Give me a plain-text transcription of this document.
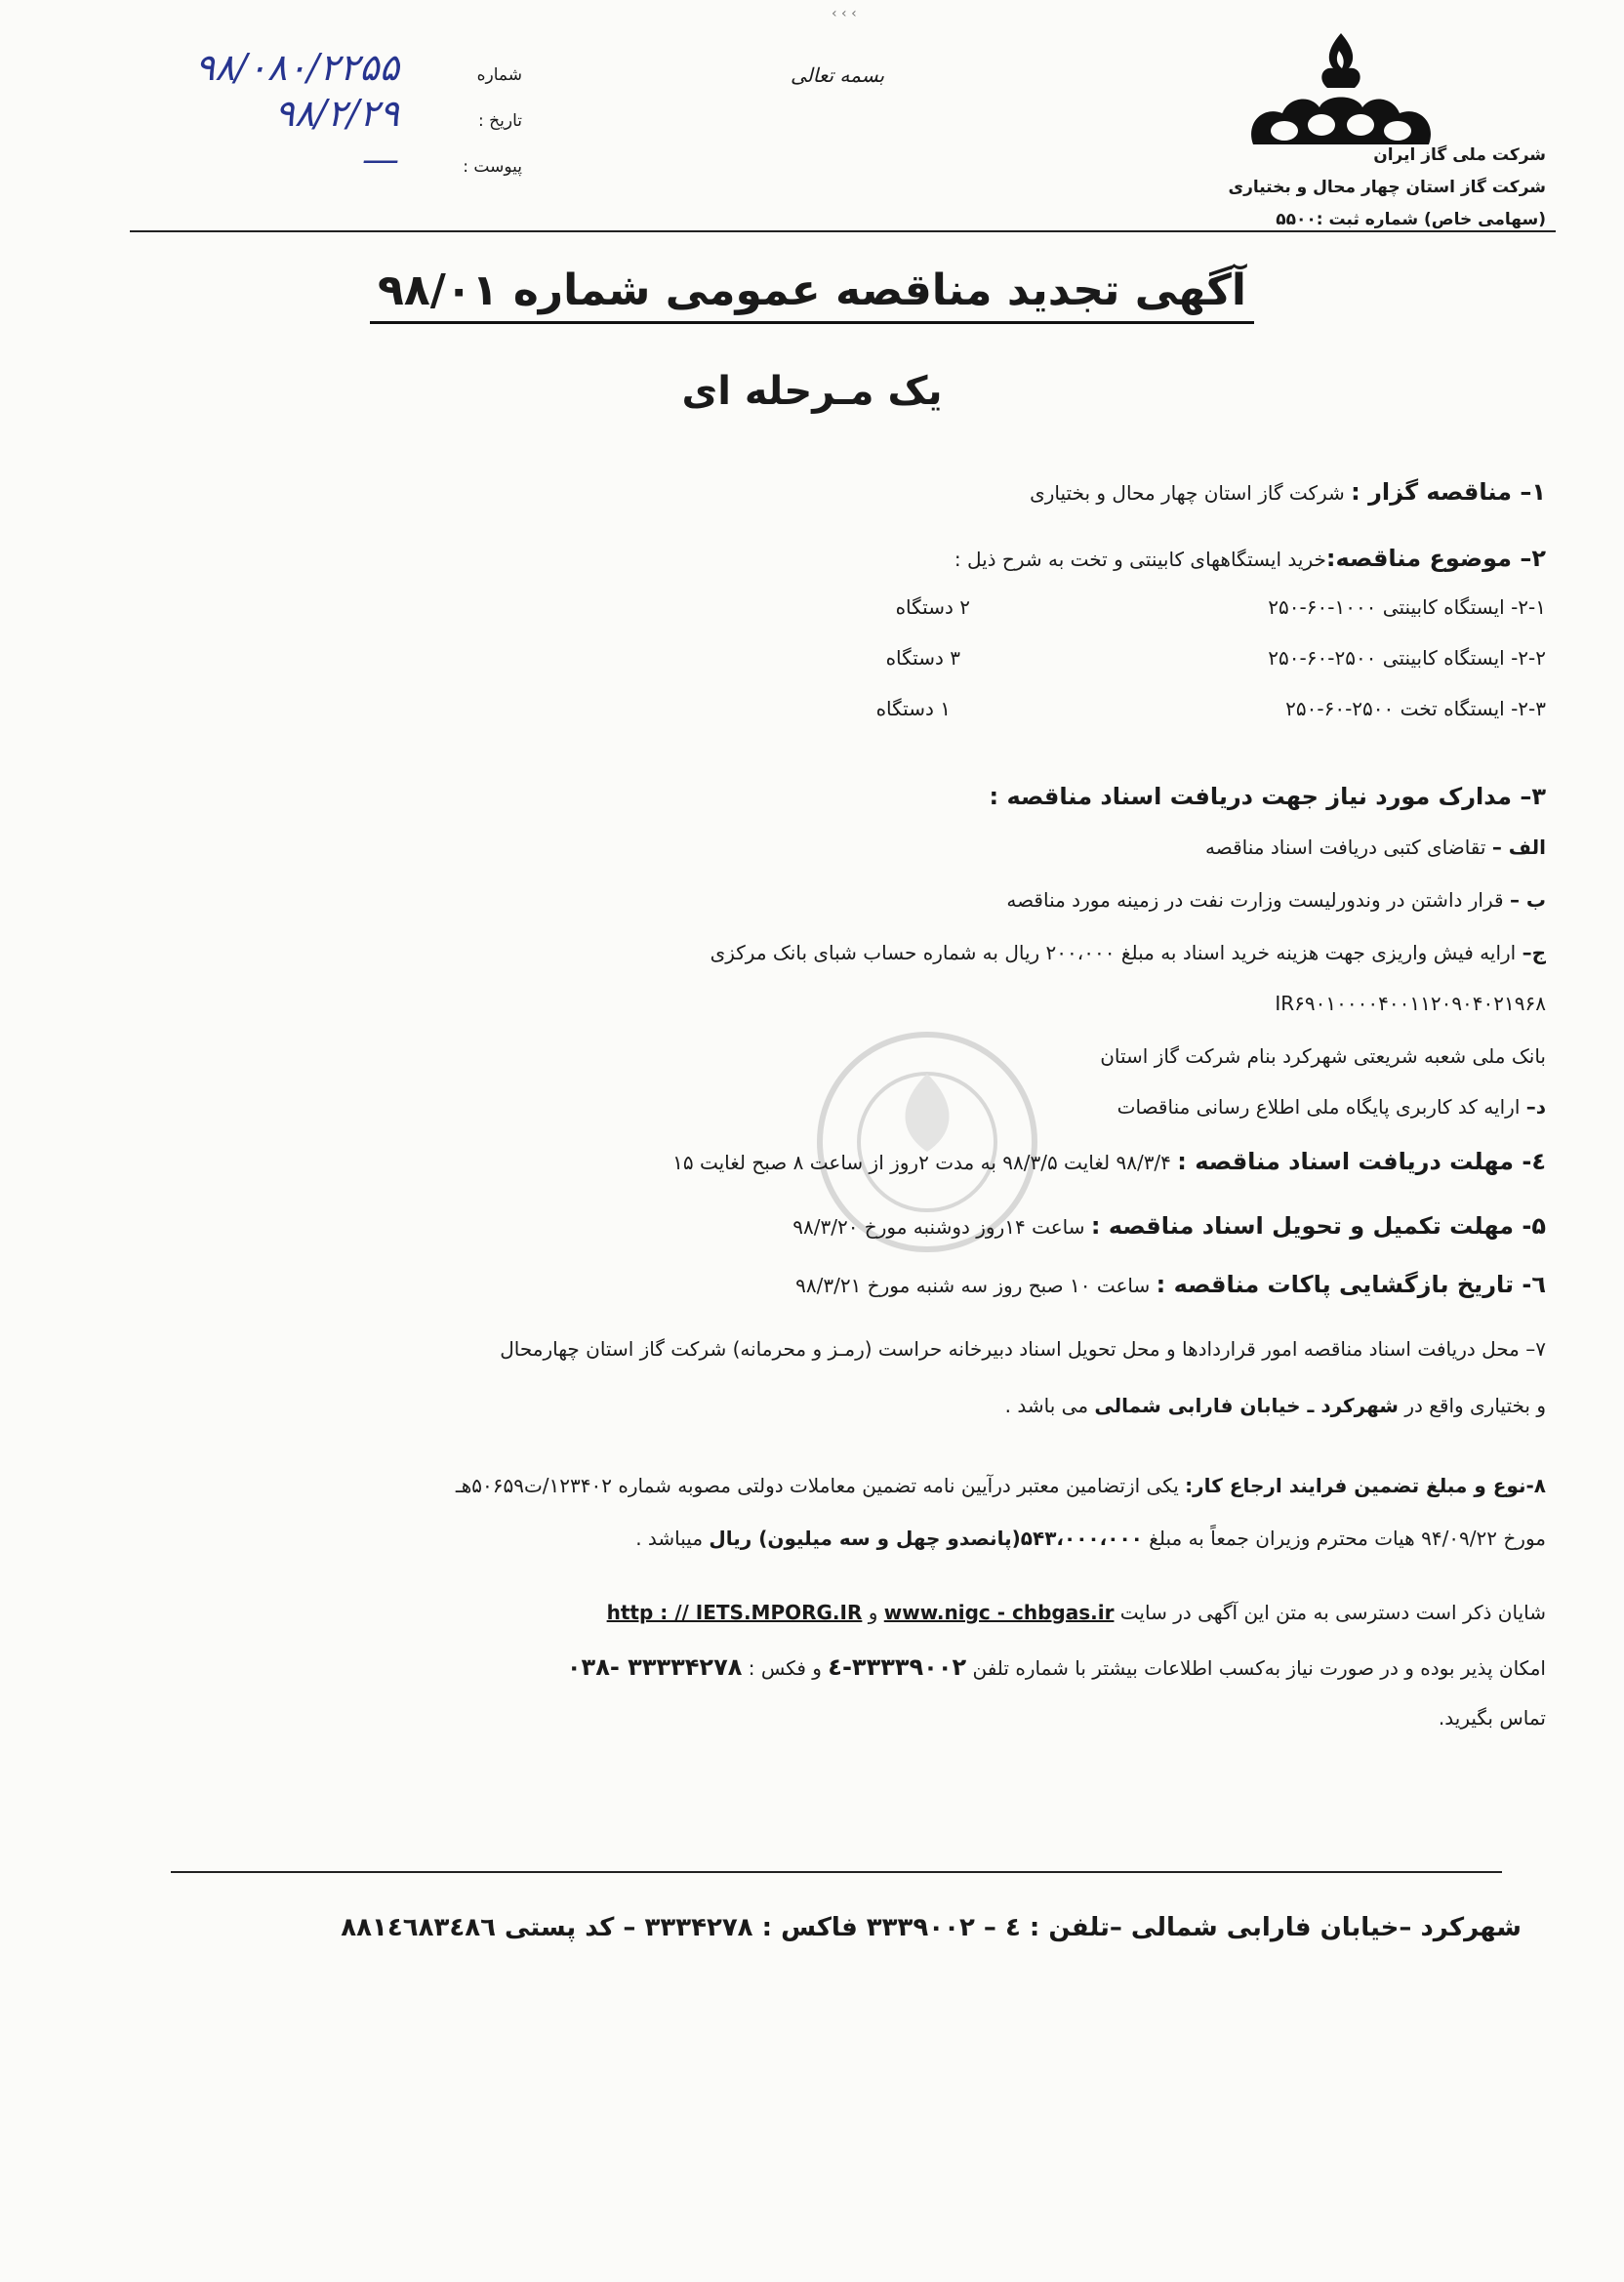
‹ ‹ ‹
شرکت ملی گاز ایران
شرکت گاز استان چهار محال و بختیاری
(سهامی خاص) شماره ثبت :۵۵۰۰
بسمه تعالی
شماره
۹۸/۰۸۰/۲۲۵۵
تاریخ :
۹۸/۲/۲۹
پیوست :
—
آگهی تجدید مناقصه عمومی شماره ۹۸/۰۱
یک مـرحله ای
۱– مناقصه گزار : شرکت گاز استان چهار محال و بختیاری
۲– موضوع مناقصه:خرید ایستگاههای کابینتی و تخت به شرح ذیل :
۲-۱- ایستگاه کابینتی ۱۰۰۰-۶۰-۲۵۰
۲ دستگاه
۲-۲- ایستگاه کابینتی ۲۵۰۰-۶۰-۲۵۰
۳ دستگاه
۲-۳- ایستگاه تخت ۲۵۰۰-۶۰-۲۵۰
۱ دستگاه
۳– مدارک مورد نیاز جهت دریافت اسناد مناقصه :
الف – تقاضای کتبی دریافت اسناد مناقصه
ب – قرار داشتن در وندورلیست وزارت نفت در زمینه مورد مناقصه
ج– ارایه فیش واریزی جهت هزینه خرید اسناد به مبلغ ۲۰۰،۰۰۰ ریال به شماره حساب شبای بانک مرکزی
IR۶۹۰۱۰۰۰۰۴۰۰۱۱۲۰۹۰۴۰۲۱۹۶۸
بانک ملی شعبه شریعتی شهرکرد بنام شرکت گاز استان
د– ارایه کد کاربری پایگاه ملی اطلاع رسانی مناقصات
٤- مهلت دریافت اسناد مناقصه : ۹۸/۳/۴ لغایت ۹۸/۳/۵ به مدت ۲روز از ساعت ۸ صبح لغایت ۱۵
۵- مهلت تکمیل و تحویل اسناد مناقصه : ساعت ۱۴روز دوشنبه مورخ ۹۸/۳/۲۰
٦- تاریخ بازگشایی پاکات مناقصه : ساعت ۱۰ صبح روز سه شنبه مورخ ۹۸/۳/۲۱
۷– محل دریافت اسناد مناقصه امور قراردادها و محل تحویل اسناد دبیرخانه حراست (رمـز و محرمانه) شرکت گاز استان چهارمحال
و بختیاری واقع در شهرکرد ـ خیابان فارابی شمالی می باشد .
۸-نوع و مبلغ تضمین فرایند ارجاع کار: یکی ازتضامین معتبر درآیین نامه تضمین معاملات دولتی مصوبه شماره ۱۲۳۴۰۲/ت۵۰۶۵۹هـ
مورخ ۹۴/۰۹/۲۲ هیات محترم وزیران جمعاً به مبلغ ۵۴۳،۰۰۰،۰۰۰(پانصدو چهل و سه میلیون) ریال میباشد .
شایان ذکر است دسترسی به متن این آگهی در سایت www.nigc - chbgas.ir و http : // IETS.MPORG.IR
امکان پذیر بوده و در صورت نیاز به‌کسب اطلاعات بیشتر با شماره تلفن ۳۳۳۳۹۰۰۲-٤ و فکس : ۳۳۳۳۴۲۷۸ -۰۳۸
تماس بگیرید.
شهرکرد –خیابان فارابی شمالی –تلفن : ٤ – ۳۳۳۹۰۰۲ فاکس : ۳۳۳۴۲۷۸ – کد پستی ۸۸۱٤٦۸۳٤۸٦
